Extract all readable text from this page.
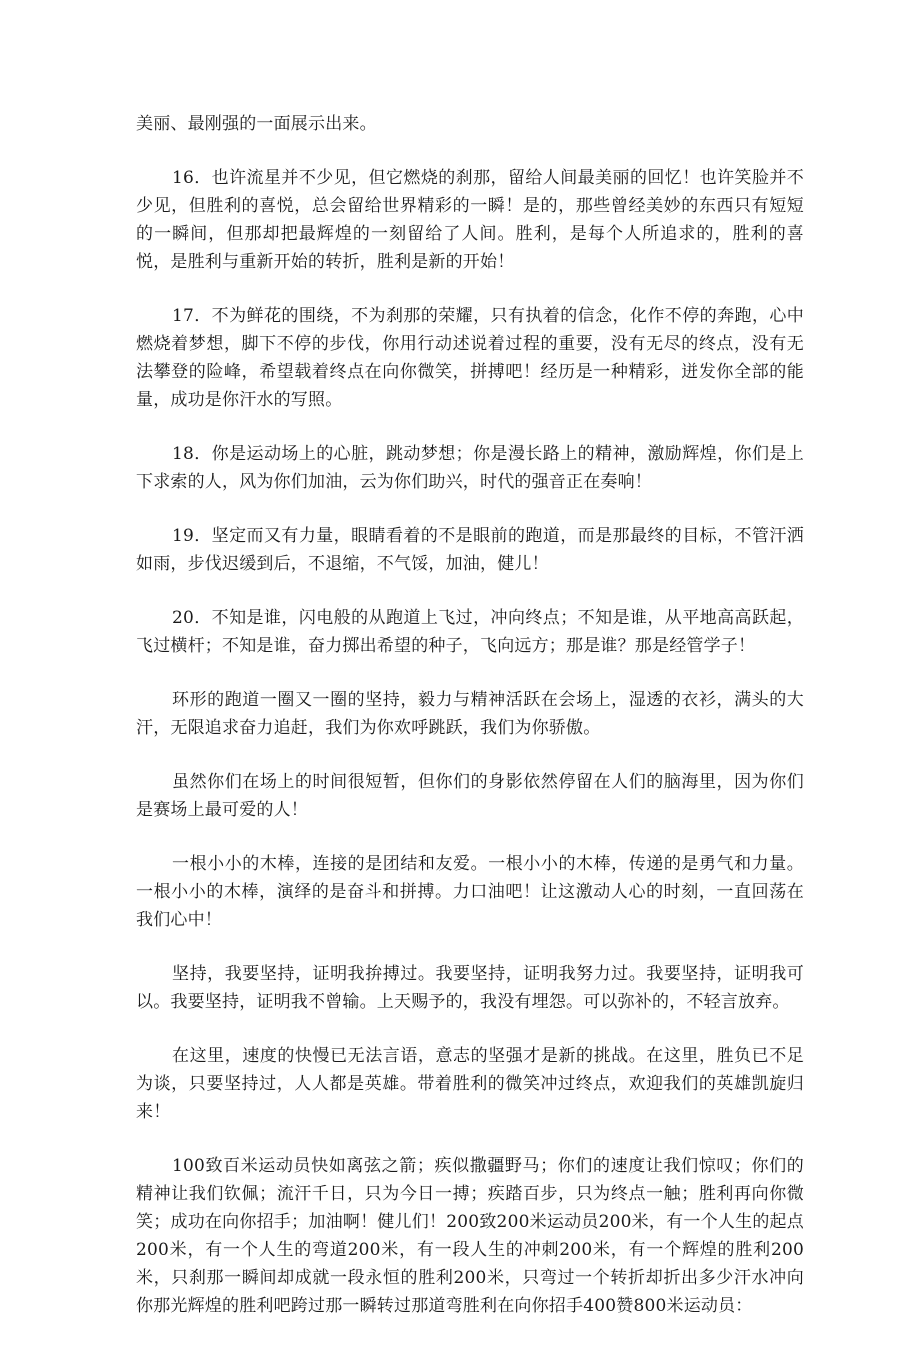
美丽、最刚强的一面展示出来。

16．也许流星并不少见，但它燃烧的刹那，留给人间最美丽的回忆！也许笑脸并不少见，但胜利的喜悦，总会留给世界精彩的一瞬！是的，那些曾经美妙的东西只有短短的一瞬间，但那却把最辉煌的一刻留给了人间。胜利，是每个人所追求的，胜利的喜悦，是胜利与重新开始的转折，胜利是新的开始！

17．不为鲜花的围绕，不为刹那的荣耀，只有执着的信念，化作不停的奔跑，心中燃烧着梦想，脚下不停的步伐，你用行动述说着过程的重要，没有无尽的终点，没有无法攀登的险峰，希望载着终点在向你微笑，拼搏吧！经历是一种精彩，迸发你全部的能量，成功是你汗水的写照。

18．你是运动场上的心脏，跳动梦想；你是漫长路上的精神，激励辉煌，你们是上下求索的人，风为你们加油，云为你们助兴，时代的强音正在奏响！

19．坚定而又有力量，眼睛看着的不是眼前的跑道，而是那最终的目标，不管汗洒如雨，步伐迟缓到后，不退缩，不气馁，加油，健儿！

20．不知是谁，闪电般的从跑道上飞过，冲向终点；不知是谁，从平地高高跃起，飞过横杆；不知是谁，奋力掷出希望的种子，飞向远方；那是谁？那是经管学子！

环形的跑道一圈又一圈的坚持，毅力与精神活跃在会场上，湿透的衣衫，满头的大汗，无限追求奋力追赶，我们为你欢呼跳跃，我们为你骄傲。

虽然你们在场上的时间很短暂，但你们的身影依然停留在人们的脑海里，因为你们是赛场上最可爱的人！

一根小小的木棒，连接的是团结和友爱。一根小小的木棒，传递的是勇气和力量。一根小小的木棒，演绎的是奋斗和拼搏。力口油吧！让这激动人心的时刻，一直回荡在我们心中！

坚持，我要坚持，证明我拚搏过。我要坚持，证明我努力过。我要坚持，证明我可以。我要坚持，证明我不曾输。上天赐予的，我没有埋怨。可以弥补的，不轻言放弃。

在这里，速度的快慢已无法言语，意志的坚强才是新的挑战。在这里，胜负已不足为谈，只要坚持过，人人都是英雄。带着胜利的微笑冲过终点，欢迎我们的英雄凯旋归来！

100致百米运动员快如离弦之箭；疾似撒疆野马；你们的速度让我们惊叹；你们的精神让我们钦佩；流汗千日，只为今日一搏；疾踏百步，只为终点一触；胜利再向你微笑；成功在向你招手；加油啊！健儿们！200致200米运动员200米，有一个人生的起点200米，有一个人生的弯道200米，有一段人生的冲刺200米，有一个辉煌的胜利200米，只刹那一瞬间却成就一段永恒的胜利200米，只弯过一个转折却折出多少汗水冲向你那光辉煌的胜利吧跨过那一瞬转过那道弯胜利在向你招手400赞800米运动员：
